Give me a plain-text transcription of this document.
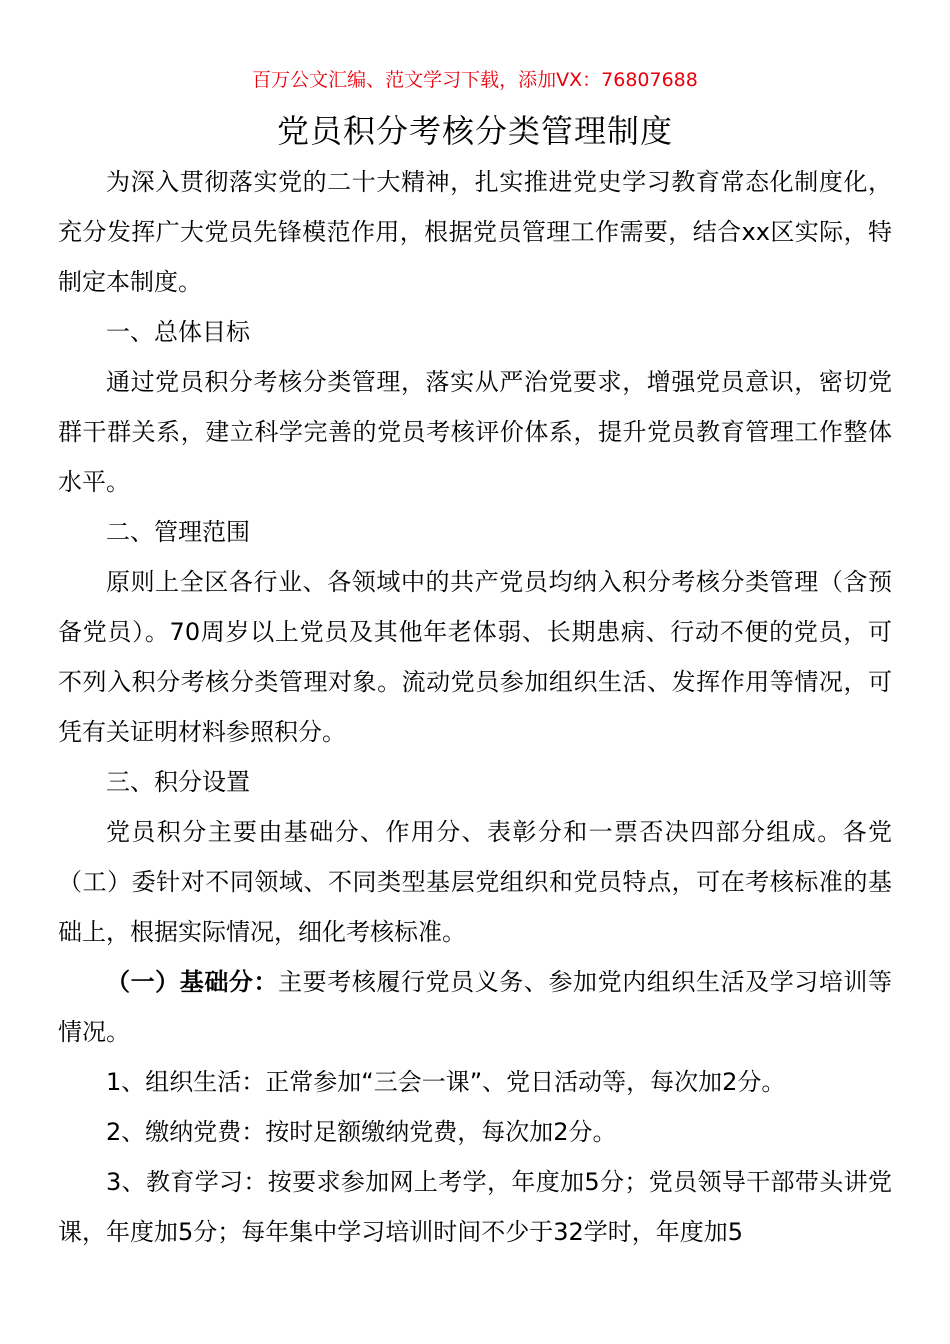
百万公文汇编、范文学习下载，添加VX：76807688
党员积分考核分类管理制度

为深入贯彻落实党的二十大精神，扎实推进党史学习教育常态化制度化，充分发挥广大党员先锋模范作用，根据党员管理工作需要，结合xx区实际，特制定本制度。

一、总体目标

通过党员积分考核分类管理，落实从严治党要求，增强党员意识，密切党群干群关系，建立科学完善的党员考核评价体系，提升党员教育管理工作整体水平。

二、管理范围

原则上全区各行业、各领域中的共产党员均纳入积分考核分类管理（含预备党员）。70周岁以上党员及其他年老体弱、长期患病、行动不便的党员，可不列入积分考核分类管理对象。流动党员参加组织生活、发挥作用等情况，可凭有关证明材料参照积分。

三、积分设置

党员积分主要由基础分、作用分、表彰分和一票否决四部分组成。各党（工）委针对不同领域、不同类型基层党组织和党员特点，可在考核标准的基础上，根据实际情况，细化考核标准。

（一）基础分：主要考核履行党员义务、参加党内组织生活及学习培训等情况。

1、组织生活：正常参加“三会一课”、党日活动等，每次加2分。

2、缴纳党费：按时足额缴纳党费，每次加2分。

3、教育学习：按要求参加网上考学，年度加5分；党员领导干部带头讲党课，年度加5分；每年集中学习培训时间不少于32学时，年度加5
